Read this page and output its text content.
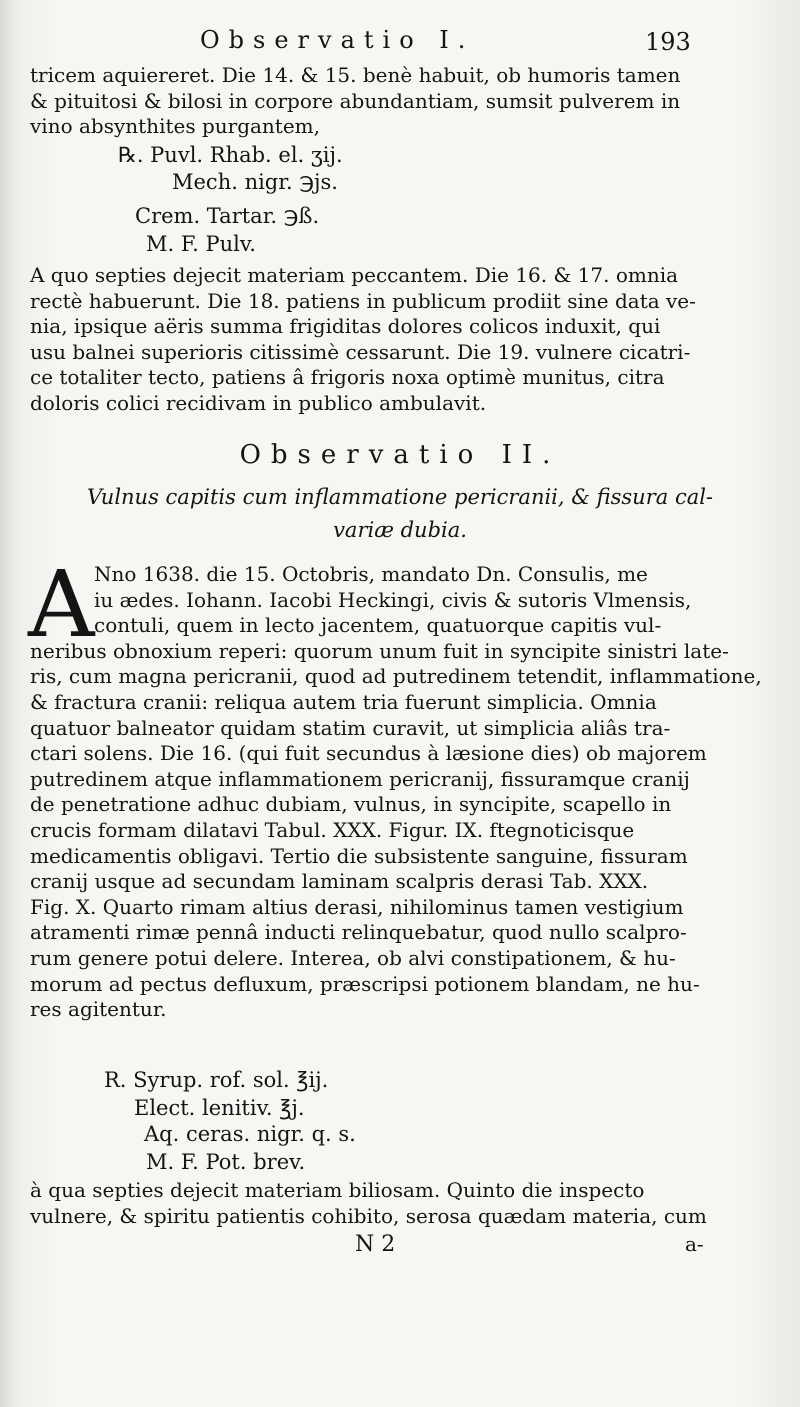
Observatio I.	193
tricem aquiereret. Die 14. & 15. benè habuit, ob humoris tamen
& pituitosi & bilosi in corpore abundantiam, sumsit pulverem in
vino absynthites purgantem,
℞. Puvl. Rhab. el. ʒij.
Mech. nigr. ℈js.
Crem. Tartar. ℈ß.
M. F. Pulv.
A quo septies dejecit materiam peccantem. Die 16. & 17. omnia
rectè habuerunt. Die 18. patiens in publicum prodiit sine data ve-
nia, ipsique aëris summa frigiditas dolores colicos induxit, qui
usu balnei superioris citissimè cessarunt. Die 19. vulnere cicatri-
ce totaliter tecto, patiens â frigoris noxa optimè munitus, citra
doloris colici recidivam in publico ambulavit.
Observatio II.
Vulnus capitis cum inflammatione pericranii, & fissura cal-
variæ dubia.
A Nno 1638. die 15. Octobris, mandato Dn. Consulis, me
iu ædes. Iohann. Iacobi Heckingi, civis & sutoris Vlmensis,
contuli, quem in lecto jacentem, quatuorque capitis vul-
neribus obnoxium reperi: quorum unum fuit in syncipite sinistri late-
ris, cum magna pericranii, quod ad putredinem tetendit, inflammatione,
& fractura cranii: reliqua autem tria fuerunt simplicia. Omnia
quatuor balneator quidam statim curavit, ut simplicia aliâs tra-
ctari solens. Die 16. (qui fuit secundus à læsione dies) ob majorem
putredinem atque inflammationem pericranij, fissuramque cranij
de penetratione adhuc dubiam, vulnus, in syncipite, scapello in
crucis formam dilatavi Tabul. XXX. Figur. IX. ftegnoticisque
medicamentis obligavi. Tertio die subsistente sanguine, fissuram
cranij usque ad secundam laminam scalpris derasi Tab. XXX.
Fig. X. Quarto rimam altius derasi, nihilominus tamen vestigium
atramenti rimæ pennâ inducti relinquebatur, quod nullo scalpro-
rum genere potui delere. Interea, ob alvi constipationem, & hu-
morum ad pectus defluxum, præscripsi potionem blandam, ne hu-
res agitentur.
R. Syrup. rof. sol. ℥ij.
Elect. lenitiv. ℥j.
Aq. ceras. nigr. q. s.
M. F. Pot. brev.
à qua septies dejecit materiam biliosam. Quinto die inspecto
vulnere, & spiritu patientis cohibito, serosa quædam materia, cum
N 2	a-
